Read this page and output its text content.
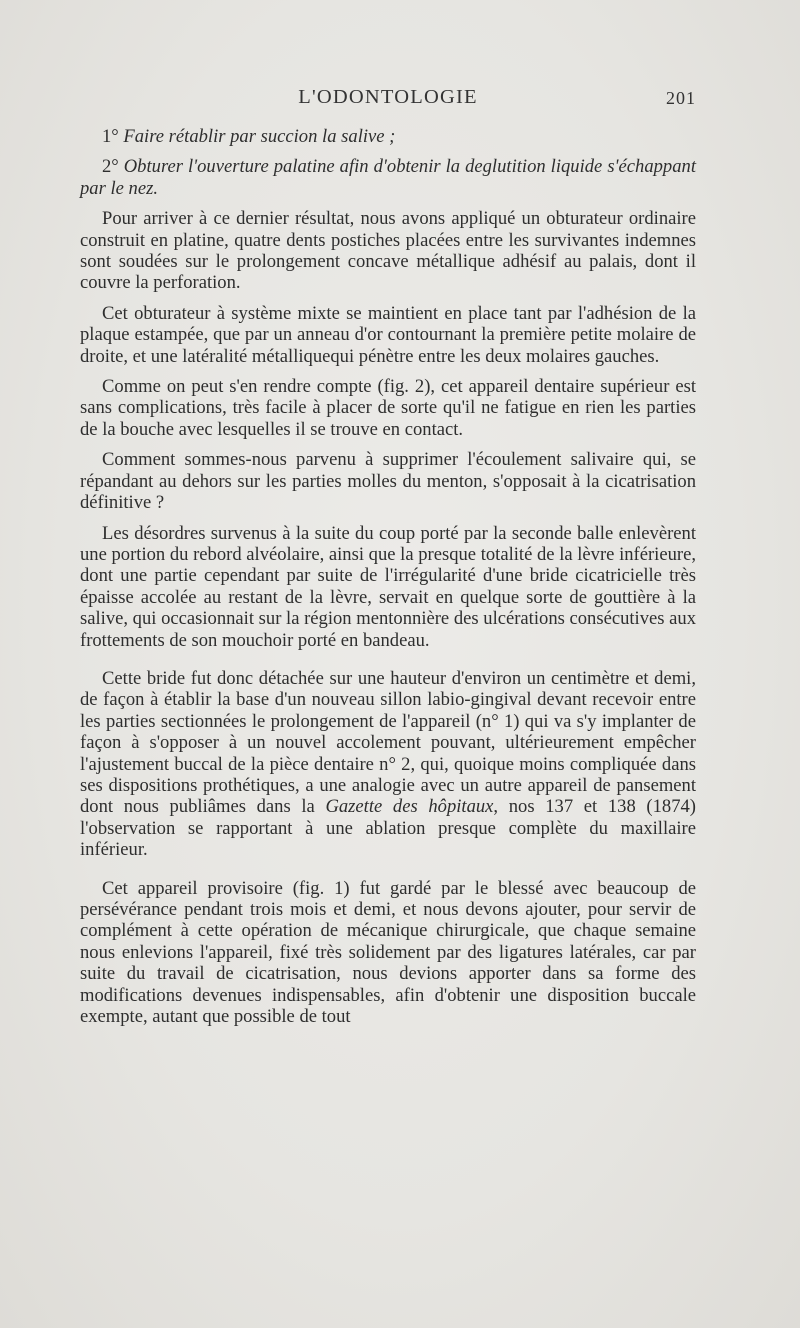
L'ODONTOLOGIE	201

1° Faire rétablir par succion la salive ;

2° Obturer l'ouverture palatine afin d'obtenir la deglutition liquide s'échappant par le nez.

Pour arriver à ce dernier résultat, nous avons appliqué un obturateur ordinaire construit en platine, quatre dents postiches placées entre les survivantes indemnes sont soudées sur le prolongement concave métallique adhésif au palais, dont il couvre la perforation.

Cet obturateur à système mixte se maintient en place tant par l'adhésion de la plaque estampée, que par un anneau d'or contournant la première petite molaire de droite, et une latéralité métalliquequi pénètre entre les deux molaires gauches.

Comme on peut s'en rendre compte (fig. 2), cet appareil dentaire supérieur est sans complications, très facile à placer de sorte qu'il ne fatigue en rien les parties de la bouche avec lesquelles il se trouve en contact.

Comment sommes-nous parvenu à supprimer l'écoulement salivaire qui, se répandant au dehors sur les parties molles du menton, s'opposait à la cicatrisation définitive ?

Les désordres survenus à la suite du coup porté par la seconde balle enlevèrent une portion du rebord alvéolaire, ainsi que la presque totalité de la lèvre inférieure, dont une partie cependant par suite de l'irrégularité d'une bride cicatricielle très épaisse accolée au restant de la lèvre, servait en quelque sorte de gouttière à la salive, qui occasionnait sur la région mentonnière des ulcérations consécutives aux frottements de son mouchoir porté en bandeau.

Cette bride fut donc détachée sur une hauteur d'environ un centimètre et demi, de façon à établir la base d'un nouveau sillon labio-gingival devant recevoir entre les parties sectionnées le prolongement de l'appareil (n° 1) qui va s'y implanter de façon à s'opposer à un nouvel accolement pouvant, ultérieurement empêcher l'ajustement buccal de la pièce dentaire n° 2, qui, quoique moins compliquée dans ses dispositions prothétiques, a une analogie avec un autre appareil de pansement dont nous publiâmes dans la Gazette des hôpitaux, nos 137 et 138 (1874) l'observation se rapportant à une ablation presque complète du maxillaire inférieur.

Cet appareil provisoire (fig. 1) fut gardé par le blessé avec beaucoup de persévérance pendant trois mois et demi, et nous devons ajouter, pour servir de complément à cette opération de mécanique chirurgicale, que chaque semaine nous enlevions l'appareil, fixé très solidement par des ligatures latérales, car par suite du travail de cicatrisation, nous devions apporter dans sa forme des modifications devenues indispensables, afin d'obtenir une disposition buccale exempte, autant que possible de tout
